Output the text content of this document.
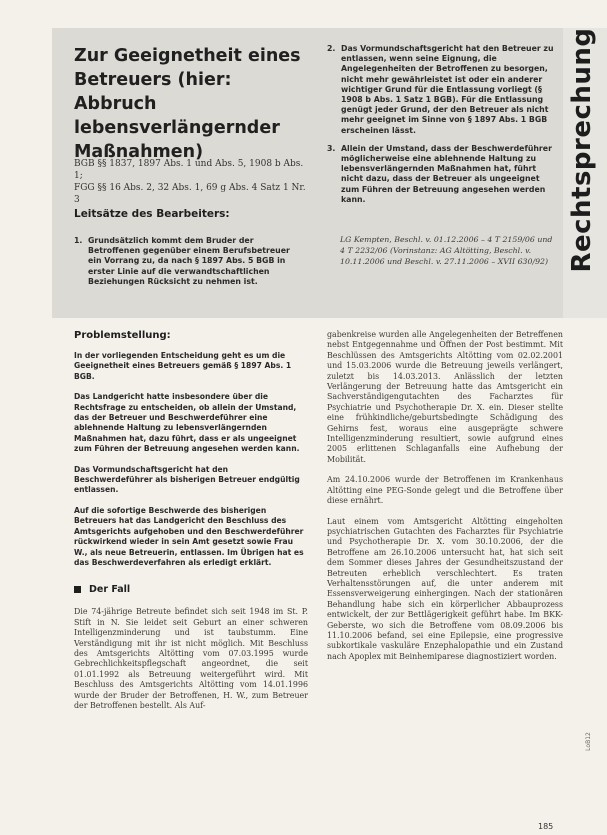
Rechtsprechung
Zur Geeignetheit eines
Betreuers (hier: Abbruch
lebensverlängernder
Maßnahmen)
BGB §§ 1837, 1897 Abs. 1 und Abs. 5, 1908 b Abs. 1;
FGG §§ 16 Abs. 2, 32 Abs. 1, 69 g Abs. 4 Satz 1 Nr. 3
Leitsätze des Bearbeiters:
1. Grundsätzlich kommt dem Bruder der Betroffenen gegenüber einem Berufsbetreuer ein Vorrang zu, da nach § 1897 Abs. 5 BGB in erster Linie auf die verwandtschaftlichen Beziehungen Rücksicht zu nehmen ist.
2. Das Vormundschaftsgericht hat den Betreuer zu entlassen, wenn seine Eignung, die Angelegenheiten der Betroffenen zu besorgen, nicht mehr gewährleistet ist oder ein anderer wichtiger Grund für die Entlassung vorliegt (§ 1908 b Abs. 1 Satz 1 BGB). Für die Entlassung genügt jeder Grund, der den Betreuer als nicht mehr geeignet im Sinne von § 1897 Abs. 1 BGB erscheinen lässt.
3. Allein der Umstand, dass der Beschwerdeführer möglicherweise eine ablehnende Haltung zu lebensverlängernden Maßnahmen hat, führt nicht dazu, dass der Betreuer als ungeeignet zum Führen der Betreuung angesehen werden kann.
LG Kempten, Beschl. v. 01.12.2006 – 4 T 2159/06 und 4 T 2232/06 (Vorinstanz: AG Altötting, Beschl. v. 10.11.2006 und Beschl. v. 27.11.2006 – XVII 630/92)
Problemstellung:

In der vorliegenden Entscheidung geht es um die Geeignetheit eines Betreuers gemäß § 1897 Abs. 1 BGB.

Das Landgericht hatte insbesondere über die Rechtsfrage zu entscheiden, ob allein der Umstand, das der Betreuer und Beschwerdeführer eine ablehnende Haltung zu lebensverlängernden Maßnahmen hat, dazu führt, dass er als ungeeignet zum Führen der Betreuung angesehen werden kann.

Das Vormundschaftsgericht hat den Beschwerdeführer als bisherigen Betreuer endgültig entlassen.

Auf die sofortige Beschwerde des bisherigen Betreuers hat das Landgericht den Beschluss des Amtsgerichts aufgehoben und den Beschwerdeführer rückwirkend wieder in sein Amt gesetzt sowie Frau W., als neue Betreuerin, entlassen. Im Übrigen hat es das Beschwerdeverfahren als erledigt erklärt.

Der Fall

Die 74-jährige Betreute befindet sich seit 1948 im St. P. Stift in N. Sie leidet seit Geburt an einer schweren Intelligenzminderung und ist taubstumm. Eine Verständigung mit ihr ist nicht möglich. Mit Beschluss des Amtsgerichts Altötting vom 07.03.1995 wurde Gebrechlichkeitspflegschaft angeordnet, die seit 01.01.1992 als Betreuung weitergeführt wird. Mit Beschluss des Amtsgerichts Altötting vom 14.01.1996 wurde der Bruder der Betroffenen, H. W., zum Betreuer der Betroffenen bestellt. Als Auf-

gabenkreise wurden alle Angelegenheiten der Betreffenen nebst Entgegennahme und Öffnen der Post bestimmt. Mit Beschlüssen des Amtsgerichts Altötting vom 02.02.2001 und 15.03.2006 wurde die Betreuung jeweils verlängert, zuletzt bis 14.03.2013. Anlässlich der letzten Verlängerung der Betreuung hatte das Amtsgericht ein Sachverständigengutachten des Facharztes für Psychiatrie und Psychotherapie Dr. X. ein. Dieser stellte eine frühkindliche/geburtsbedingte Schädigung des Gehirns fest, woraus eine ausgeprägte schwere Intelligenzminderung resultiert, sowie aufgrund eines 2005 erlittenen Schlaganfalls eine Aufhebung der Mobilität.

Am 24.10.2006 wurde der Betroffenen im Krankenhaus Altötting eine PEG-Sonde gelegt und die Betroffene über diese ernährt.

Laut einem vom Amtsgericht Altötting eingeholten psychiatrischen Gutachten des Facharztes für Psychiatrie und Psychotherapie Dr. X. vom 30.10.2006, der die Betroffene am 26.10.2006 untersucht hat, hat sich seit dem Sommer dieses Jahres der Gesundheitszustand der Betreuten erheblich verschlechtert. Es traten Verhaltensstörungen auf, die unter anderem mit Essensverweigerung einhergingen. Nach der stationären Behandlung habe sich ein körperlicher Abbauprozess entwickelt, der zur Bettlägerigkeit geführt habe. Im BKK-Geberste, wo sich die Betroffene vom 08.09.2006 bis 11.10.2006 befand, sei eine Epilepsie, eine progressive subkortikale vaskuläre Enzephalopathie und ein Zustand nach Apoplex mit Beinhemiparese diagnostiziert worden.

LoB12
185
